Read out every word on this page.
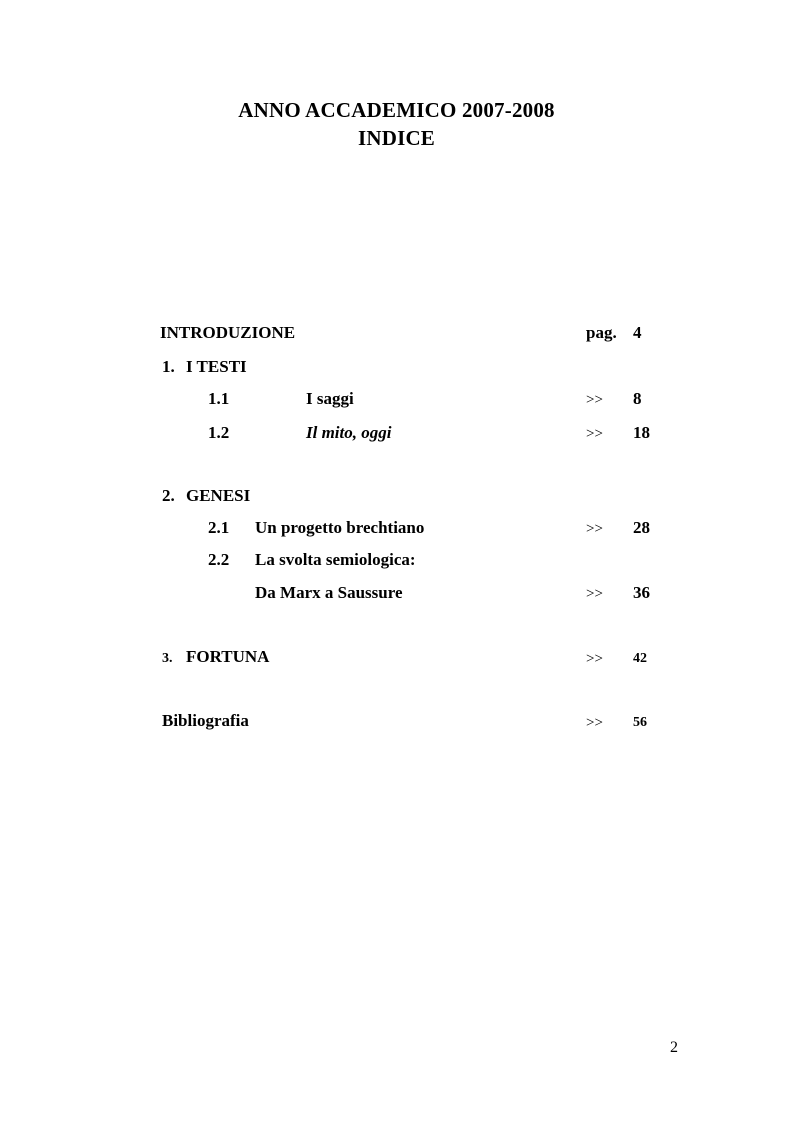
ANNO ACCADEMICO 2007-2008
INDICE
INTRODUZIONE	pag. 4
1. I TESTI
1.1	I saggi	>> 8
1.2	Il mito, oggi	>> 18
2. GENESI
2.1 Un progetto brechtiano	>> 28
2.2 La svolta semiologica:
Da Marx a Saussure	>> 36
3. FORTUNA	>> 42
Bibliografia	>> 56
2
